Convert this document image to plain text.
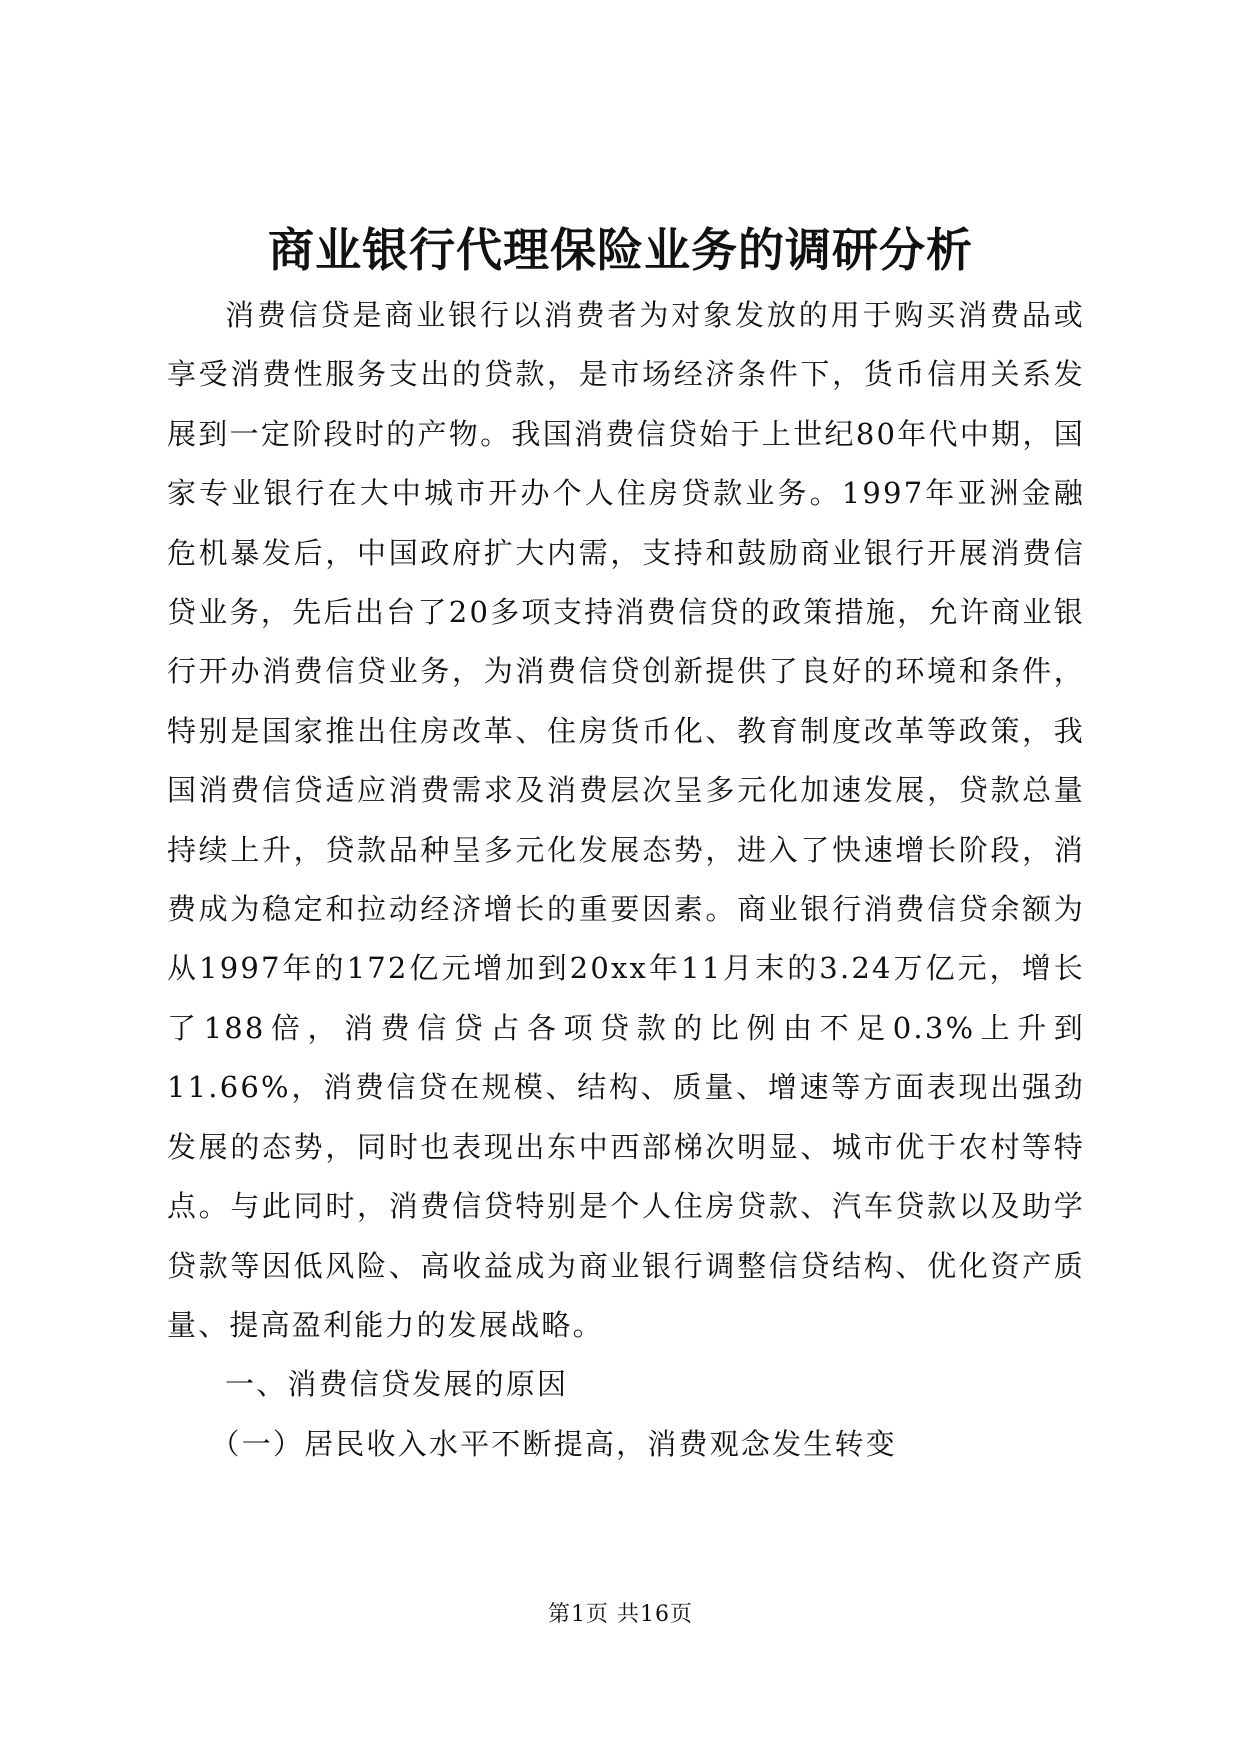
商业银行代理保险业务的调研分析

消费信贷是商业银行以消费者为对象发放的用于购买消费品或享受消费性服务支出的贷款，是市场经济条件下，货币信用关系发展到一定阶段时的产物。我国消费信贷始于上世纪80年代中期，国家专业银行在大中城市开办个人住房贷款业务。1997年亚洲金融危机暴发后，中国政府扩大内需，支持和鼓励商业银行开展消费信贷业务，先后出台了20多项支持消费信贷的政策措施，允许商业银行开办消费信贷业务，为消费信贷创新提供了良好的环境和条件，特别是国家推出住房改革、住房货币化、教育制度改革等政策，我国消费信贷适应消费需求及消费层次呈多元化加速发展，贷款总量持续上升，贷款品种呈多元化发展态势，进入了快速增长阶段，消费成为稳定和拉动经济增长的重要因素。商业银行消费信贷余额为从1997年的172亿元增加到20xx年11月末的3.24万亿元，增长了188倍，消费信贷占各项贷款的比例由不足0.3%上升到11.66%，消费信贷在规模、结构、质量、增速等方面表现出强劲发展的态势，同时也表现出东中西部梯次明显、城市优于农村等特点。与此同时，消费信贷特别是个人住房贷款、汽车贷款以及助学贷款等因低风险、高收益成为商业银行调整信贷结构、优化资产质量、提高盈利能力的发展战略。

一、消费信贷发展的原因

（一）居民收入水平不断提高，消费观念发生转变

第1页 共16页
